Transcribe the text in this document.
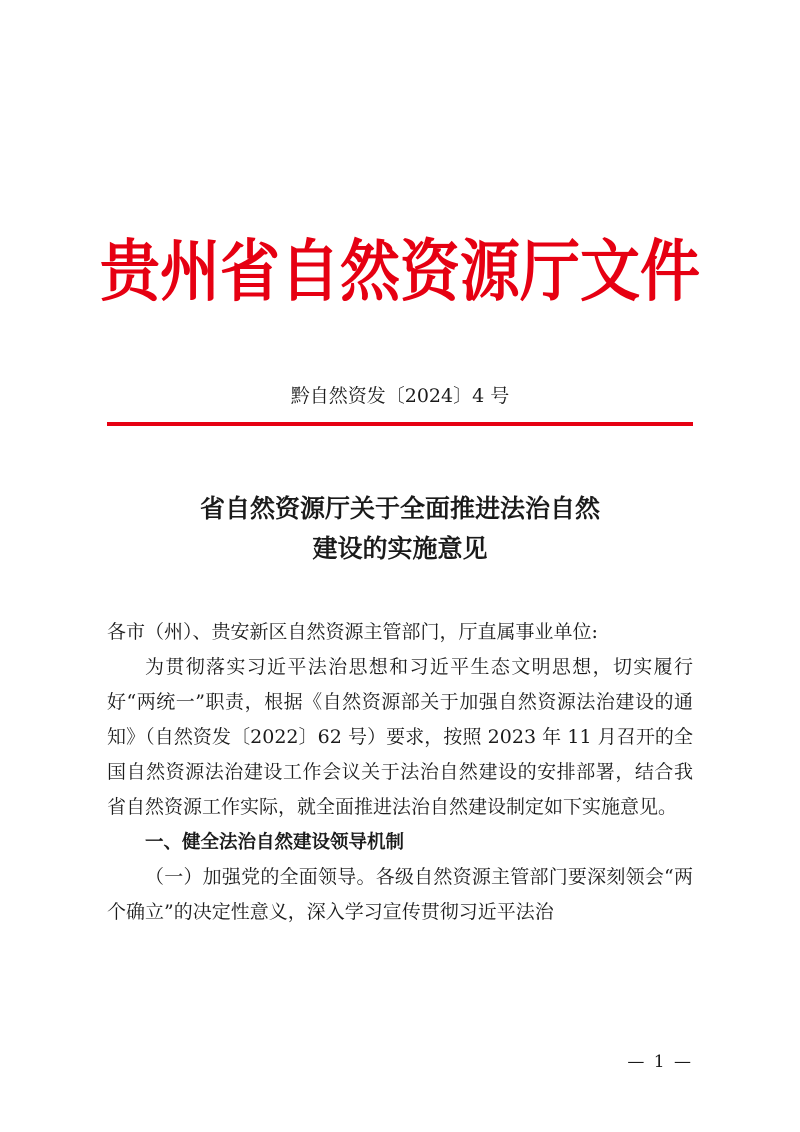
贵州省自然资源厅文件
黔自然资发〔2024〕4 号
省自然资源厅关于全面推进法治自然
建设的实施意见

各市（州）、贵安新区自然资源主管部门，厅直属事业单位:

为贯彻落实习近平法治思想和习近平生态文明思想，切实履行好“两统一”职责，根据《自然资源部关于加强自然资源法治建设的通知》（自然资发〔2022〕62 号）要求，按照 2023 年 11 月召开的全国自然资源法治建设工作会议关于法治自然建设的安排部署，结合我省自然资源工作实际，就全面推进法治自然建设制定如下实施意见。

一、健全法治自然建设领导机制

（一）加强党的全面领导。各级自然资源主管部门要深刻领会“两个确立”的决定性意义，深入学习宣传贯彻习近平法治

— 1 —
